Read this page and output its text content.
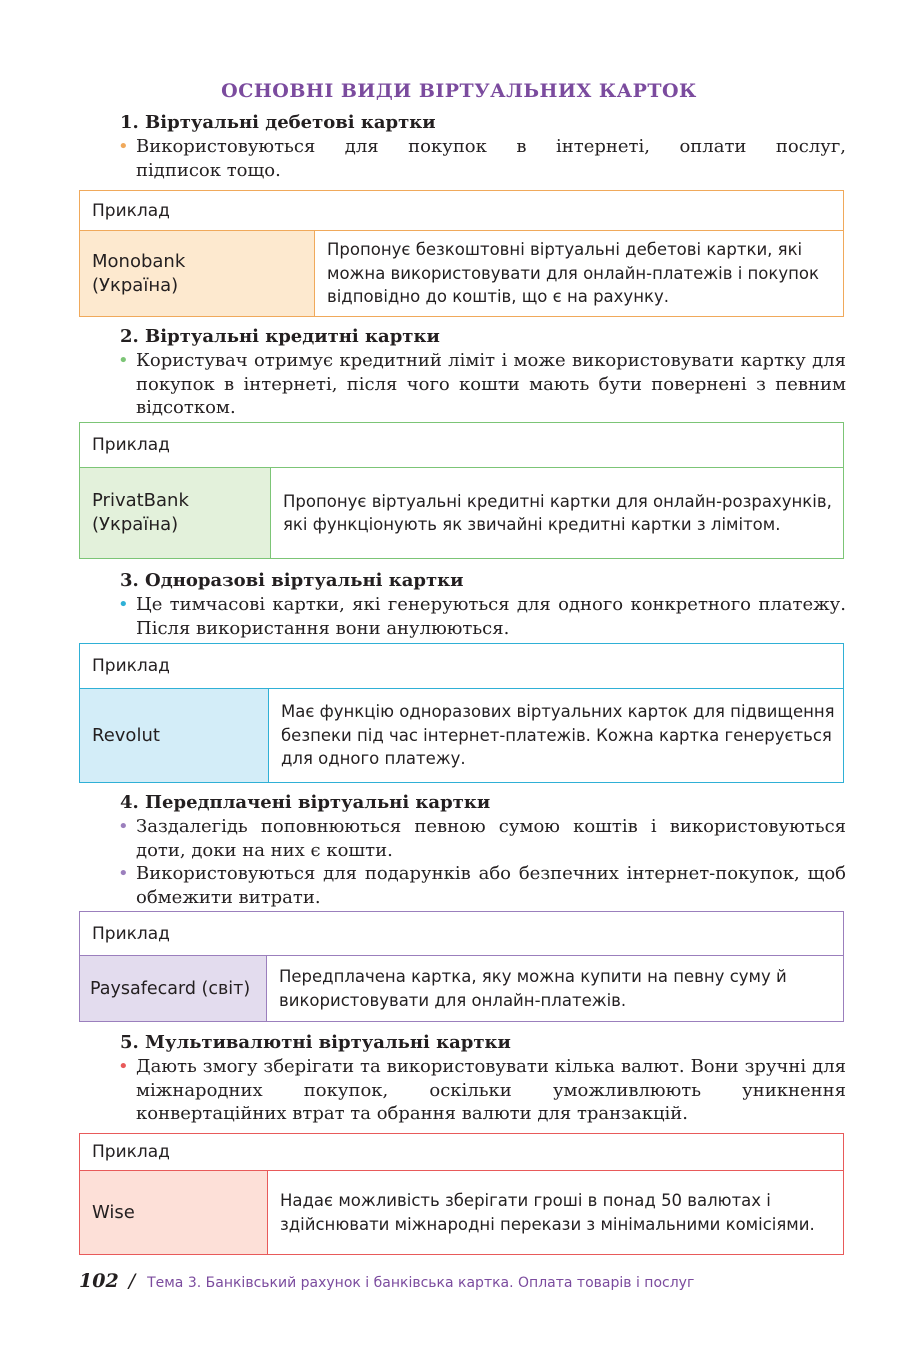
ОСНОВНІ ВИДИ ВІРТУАЛЬНИХ КАРТОК
1. Віртуальні дебетові картки
• Використовуються для покупок в інтернеті, оплати послуг,
підписок тощо.
Приклад
Monobank (Україна)
Пропонує безкоштовні віртуальні дебетові картки, які можна використовувати для онлайн-платежів і покупок відповідно до коштів, що є на рахунку.
2. Віртуальні кредитні картки
• Користувач отримує кредитний ліміт і може використовувати картку для покупок в інтернеті, після чого кошти мають бути повернені з певним відсотком.
Приклад
PrivatBank (Україна)
Пропонує віртуальні кредитні картки для онлайн-розрахунків, які функціонують як звичайні кредитні картки з лімітом.
3. Одноразові віртуальні картки
• Це тимчасові картки, які генеруються для одного конкретного платежу. Після використання вони анулюються.
Приклад
Revolut
Має функцію одноразових віртуальних карток для підвищення безпеки під час інтернет-платежів. Кожна картка генерується для одного платежу.
4. Передплачені віртуальні картки
• Заздалегідь поповнюються певною сумою коштів і використовуються доти, доки на них є кошти.
• Використовуються для подарунків або безпечних інтернет-покупок, щоб обмежити витрати.
Приклад
Paysafecard (світ)
Передплачена картка, яку можна купити на певну суму й використовувати для онлайн-платежів.
5. Мультивалютні віртуальні картки
• Дають змогу зберігати та використовувати кілька валют. Вони зручні для міжнародних покупок, оскільки уможливлюють уникнення конвертаційних втрат та обрання валюти для транзакцій.
Приклад
Wise
Надає можливість зберігати гроші в понад 50 валютах і здійснювати міжнародні перекази з мінімальними комісіями.
102 / Тема 3. Банківський рахунок і банківська картка. Оплата товарів і послуг
